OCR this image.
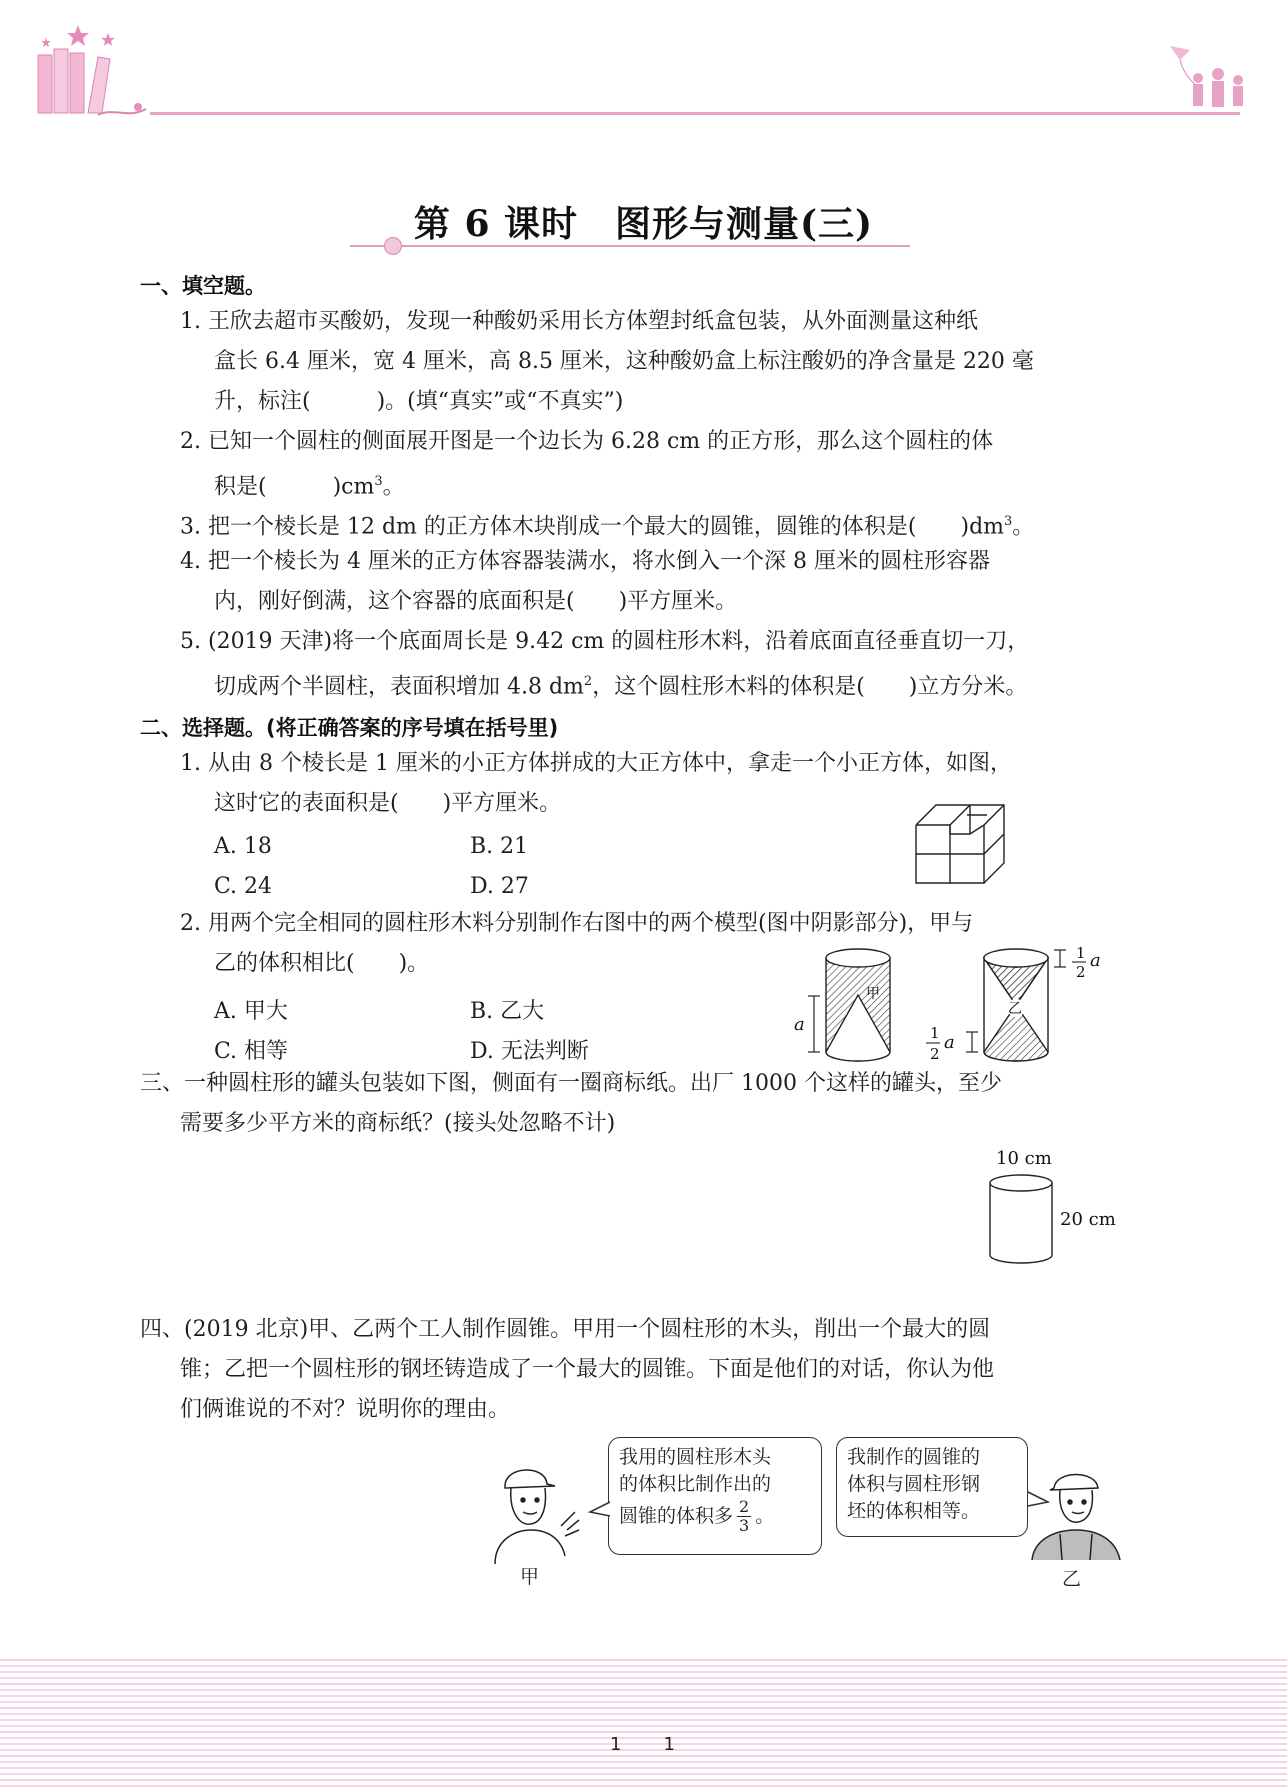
第 6 课时　图形与测量(三)
一、填空题。
1. 王欣去超市买酸奶，发现一种酸奶采用长方体塑封纸盒包装，从外面测量这种纸
盒长 6.4 厘米，宽 4 厘米，高 8.5 厘米，这种酸奶盒上标注酸奶的净含量是 220 毫
升，标注(　　　)。(填“真实”或“不真实”)
2. 已知一个圆柱的侧面展开图是一个边长为 6.28 cm 的正方形，那么这个圆柱的体
积是(　　　)$cm^3$。
3. 把一个棱长是 12 dm 的正方体木块削成一个最大的圆锥，圆锥的体积是(　　)$dm^3$。
4. 把一个棱长为 4 厘米的正方体容器装满水，将水倒入一个深 8 厘米的圆柱形容器
内，刚好倒满，这个容器的底面积是(　　)平方厘米。
5. (2019 天津)将一个底面周长是 9.42 cm 的圆柱形木料，沿着底面直径垂直切一刀，
切成两个半圆柱，表面积增加 4.8 $dm^2$，这个圆柱形木料的体积是(　　)立方分米。
二、选择题。(将正确答案的序号填在括号里)
1. 从由 8 个棱长是 1 厘米的小正方体拼成的大正方体中，拿走一个小正方体，如图，
这时它的表面积是(　　)平方厘米。
A. 18	B. 21
C. 24	D. 27
2. 用两个完全相同的圆柱形木料分别制作右图中的两个模型(图中阴影部分)，甲与
乙的体积相比(　　)。
A. 甲大	B. 乙大
C. 相等	D. 无法判断
甲
a
乙
1
2
a
1
2
a
三、一种圆柱形的罐头包装如下图，侧面有一圈商标纸。出厂 1000 个这样的罐头，至少
需要多少平方米的商标纸？(接头处忽略不计)
10 cm
20 cm
四、(2019 北京)甲、乙两个工人制作圆锥。甲用一个圆柱形的木头，削出一个最大的圆
锥；乙把一个圆柱形的钢坯铸造成了一个最大的圆锥。下面是他们的对话，你认为他
们俩谁说的不对？说明你的理由。
甲
我用的圆柱形木头
的体积比制作出的
圆锥的体积多 2
3 。
我制作的圆锥的
体积与圆柱形钢
坯的体积相等。
乙
1　　1
